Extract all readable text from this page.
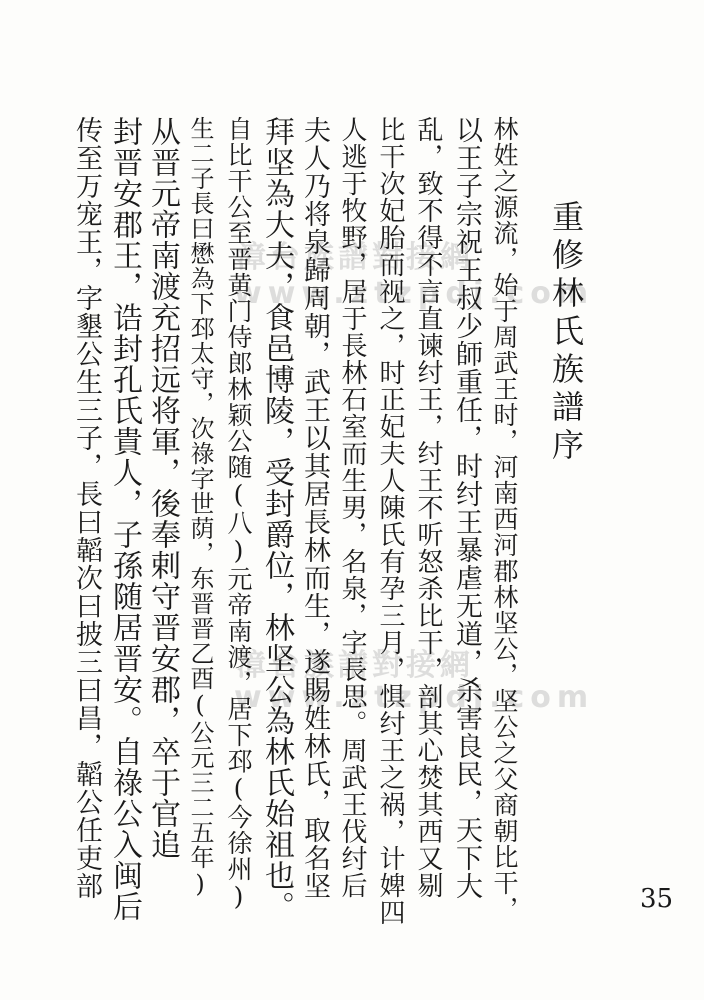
漳台族譜對接網
www.ztzpdj.com
漳台族譜對接網
www.ztzpdj.com
重修林氏族譜序
林姓之源流，始于周武王时，河南西河郡林坚公，坚公之父商朝比干，
以王子宗祝王叔少師重任，时纣王暴虐无道，杀害良民，天下大
乱，致不得不言直谏纣王，纣王不听怒杀比干，剖其心焚其西又剔
比干次妃胎而视之，时正妃夫人陳氏有孕三月，惧纣王之祸，计婢四
人逃于牧野，居于長林石室而生男，名泉，字長思。周武王伐纣后
夫人乃将泉歸周朝，武王以其居長林而生，遂賜姓林氏，取名坚
拜坚為大夫，食邑博陵，受封爵位，林坚公為林氏始祖也。
自比干公至晋黄门侍郎林颖公随(八)元帝南渡，居下邳(今徐州)
生二子長曰懋為下邳太守，次祿字世荫，东晋晋乙酉(公元三二五年)
从晋元帝南渡充招远将軍，後奉剌守晋安郡，卒于官追
封晋安郡王，诰封孔氏貴人，子孫随居晋安。自祿公入闽后
传至万宠王，字墾公生三子，長曰韜次曰披三曰昌，韜公任吏部	35
